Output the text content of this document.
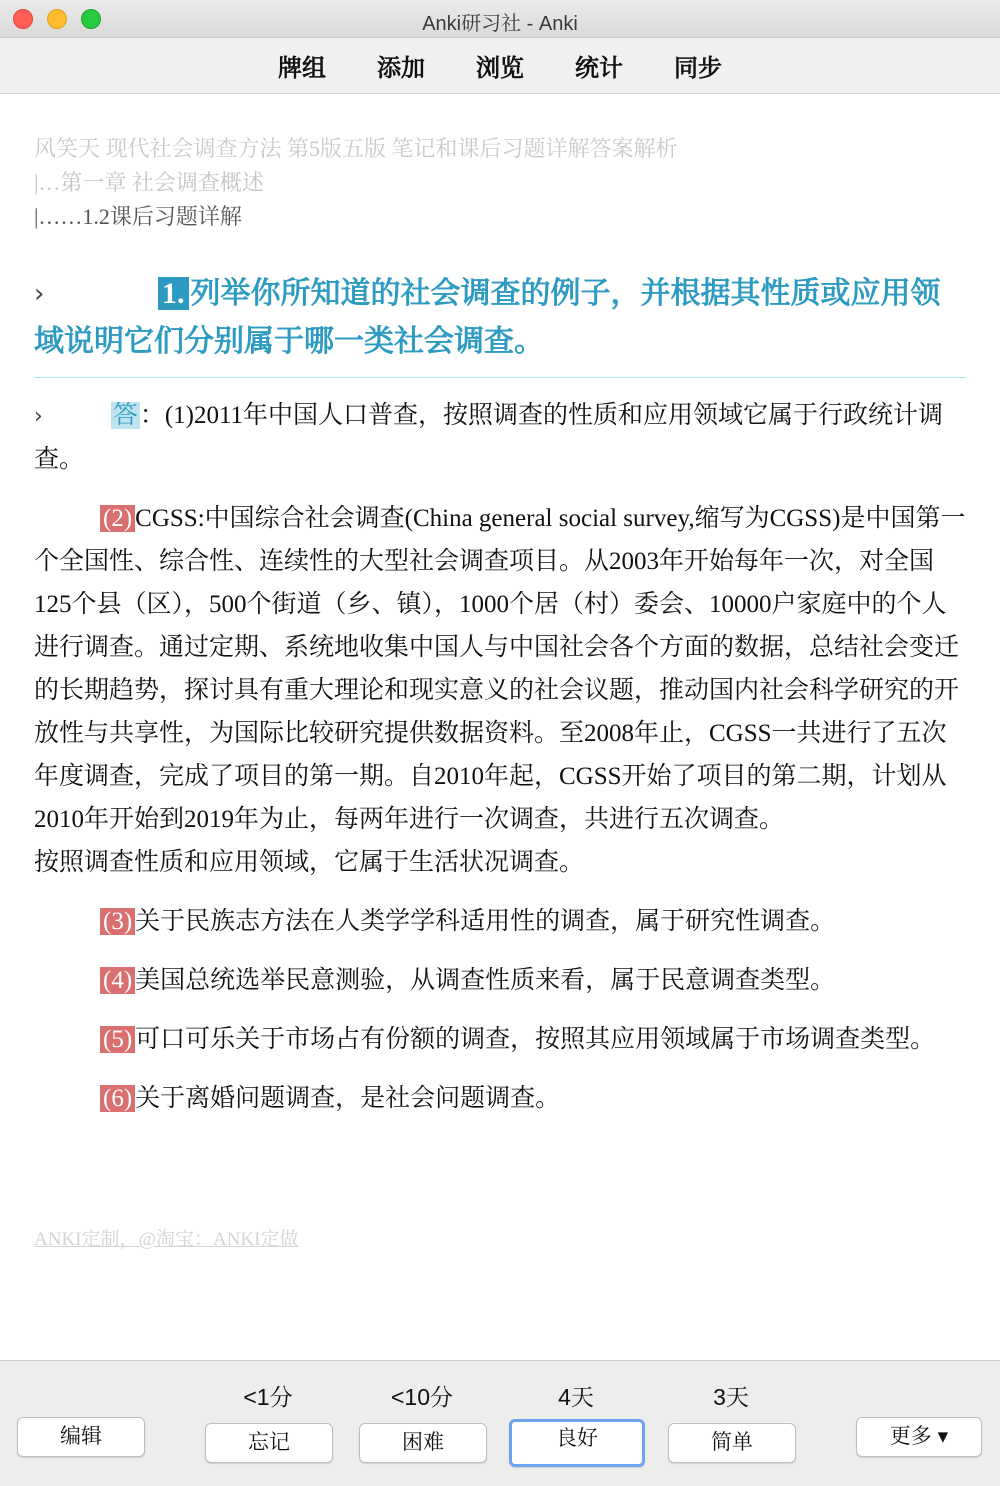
Anki研习社 - Anki
牌组	添加	浏览	统计	同步
风笑天 现代社会调查方法 第5版五版 笔记和课后习题详解答案解析
|…第一章 社会调查概述
|……1.2课后习题详解
›	1. 列举你所知道的社会调查的例子，并根据其性质或应用领域说明它们分别属于哪一类社会调查。

›	答：(1)2011年中国人口普查，按照调查的性质和应用领域它属于行政统计调查。

(2) CGSS:中国综合社会调查(China general social survey,缩写为CGSS)是中国第一个全国性、综合性、连续性的大型社会调查项目。从2003年开始每年一次，对全国125个县（区），500个街道（乡、镇），1000个居（村）委会、10000户家庭中的个人进行调查。通过定期、系统地收集中国人与中国社会各个方面的数据，总结社会变迁的长期趋势，探讨具有重大理论和现实意义的社会议题，推动国内社会科学研究的开放性与共享性，为国际比较研究提供数据资料。至2008年止，CGSS一共进行了五次年度调查，完成了项目的第一期。自2010年起，CGSS开始了项目的第二期，计划从2010年开始到2019年为止，每两年进行一次调查，共进行五次调查。

按照调查性质和应用领域，它属于生活状况调查。

(3) 关于民族志方法在人类学学科适用性的调查，属于研究性调查。

(4) 美国总统选举民意测验，从调查性质来看，属于民意调查类型。

(5) 可口可乐关于市场占有份额的调查，按照其应用领域属于市场调查类型。

(6) 关于离婚问题调查，是社会问题调查。

ANKI定制，@淘宝：ANKI定做
编辑
<1分	<10分	4天	3天
忘记	困难	良好	简单	更多 ▾
